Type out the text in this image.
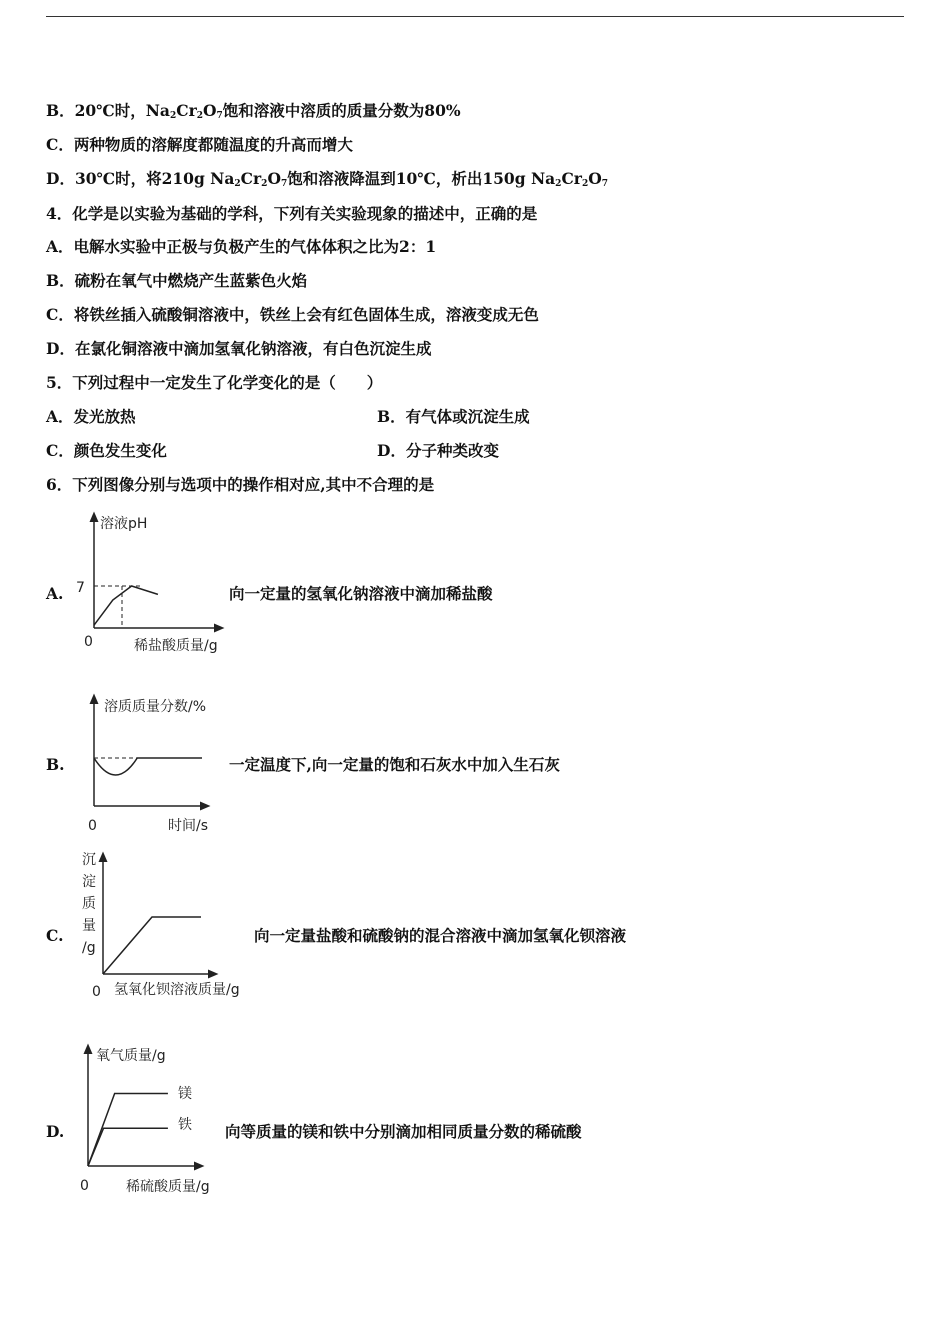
B．20℃时，$Na_2Cr_2O_7$饱和溶液中溶质的质量分数为80%
C．两种物质的溶解度都随温度的升高而增大
D．30℃时，将210g $Na_2Cr_2O_7$饱和溶液降温到10℃，析出150g $Na_2Cr_2O_7$
4．化学是以实验为基础的学科，下列有关实验现象的描述中，正确的是
A．电解水实验中正极与负极产生的气体体积之比为2：1
B．硫粉在氧气中燃烧产生蓝紫色火焰
C．将铁丝插入硫酸铜溶液中，铁丝上会有红色固体生成，溶液变成无色
D．在氯化铜溶液中滴加氢氧化钠溶液，有白色沉淀生成
5．下列过程中一定发生了化学变化的是（　　）
A．发光放热	B．有气体或沉淀生成
C．颜色发生变化	D．分子种类改变
6．下列图像分别与选项中的操作相对应,其中不合理的是
A.
溶液pH
7
0	稀盐酸质量/g
向一定量的氢氧化钠溶液中滴加稀盐酸
B.
溶质质量分数/%
0	时间/s
一定温度下,向一定量的饱和石灰水中加入生石灰
C.
沉
淀
质
量
/g
0 氢氧化钡溶液质量/g
向一定量盐酸和硫酸钠的混合溶液中滴加氢氧化钡溶液
D.
氧气质量/g
镁
铁
0	稀硫酸质量/g
向等质量的镁和铁中分别滴加相同质量分数的稀硫酸
